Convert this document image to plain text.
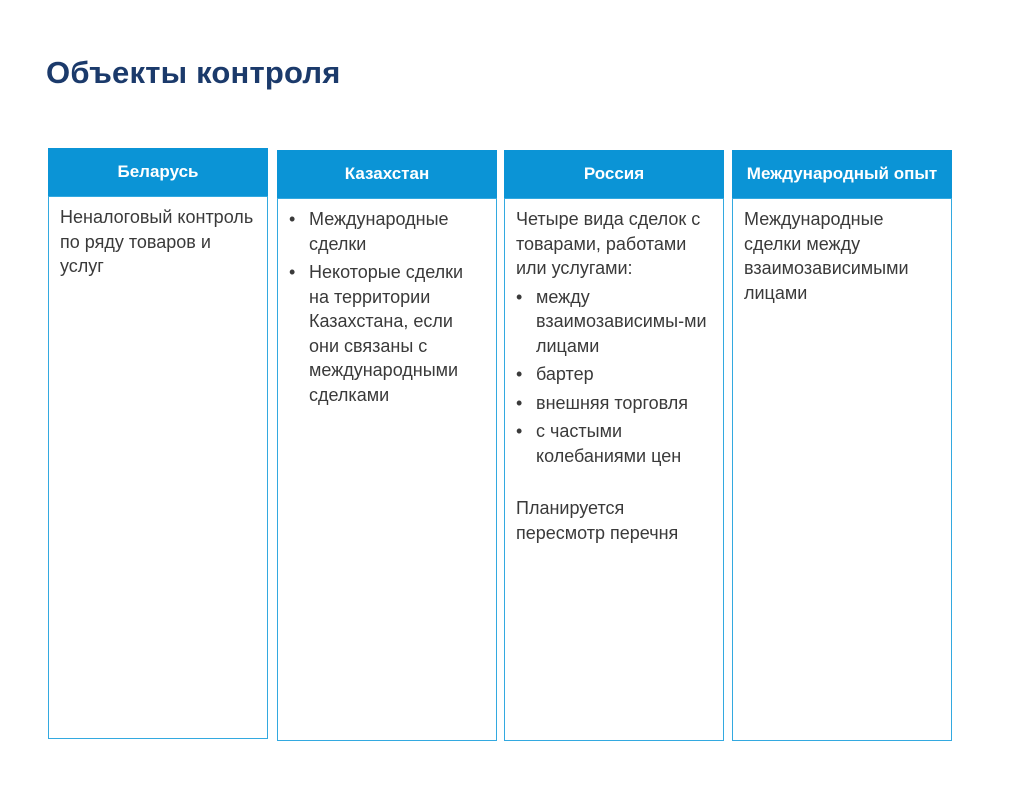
Объекты контроля
Беларусь

Неналоговый контроль по ряду товаров и услуг

Казахстан
• Международные сделки
• Некоторые сделки на территории Казахстана, если они связаны с международными сделками
Россия

Четыре вида сделок с товарами, работами или услугами:

• между взаимозависимы-ми лицами
• бартер
• внешняя торговля
• с частыми колебаниями цен

Планируется пересмотр перечня

Международный опыт

Международные сделки между взаимозависимыми лицами
